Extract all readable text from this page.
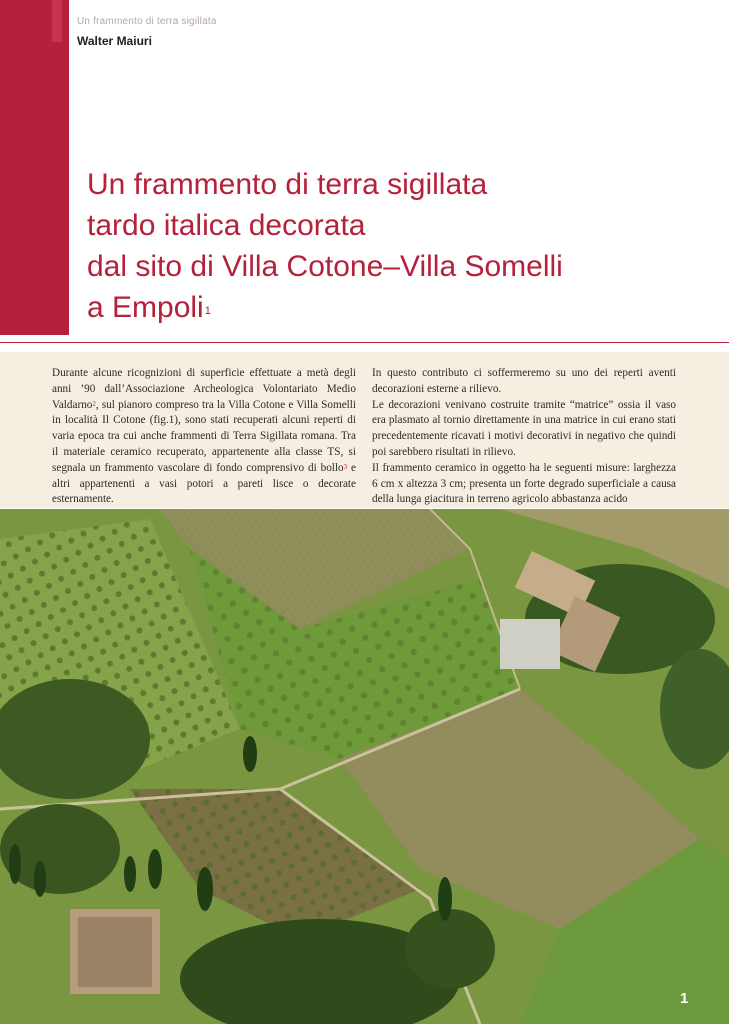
Un frammento di terra sigillata
Walter Maiuri
Un frammento di terra sigillata
tardo italica decorata
dal sito di Villa Cotone–Villa Somelli
a Empoli$^1$

Durante alcune ricognizioni di superficie effettuate a metà degli anni ’90 dall’Associazione Archeologica Volontariato Medio Valdarno$^2$, sul pianoro compreso tra la Villa Cotone e Villa Somelli in località Il Cotone (fig.1), sono stati recuperati alcuni reperti di varia epoca tra cui anche frammenti di Terra Sigillata romana. Tra il materiale ceramico recuperato, appartenente alla classe TS, si segnala un frammento vascolare di fondo comprensivo di bollo$^3$ e altri appartenenti a vasi potori a pareti lisce o decorate esternamente.

In questo contributo ci soffermeremo su uno dei reperti aventi decorazioni esterne a rilievo.

Le decorazioni venivano costruite tramite “matrice” ossia il vaso era plasmato al tornio direttamente in una matrice in cui erano stati precedentemente ricavati i motivi decorativi in negativo che quindi poi sarebbero risultati in rilievo.

Il frammento ceramico in oggetto ha le seguenti misure: larghezza 6 cm x altezza 3 cm; presenta un forte degrado superficiale a causa della lunga giacitura in terreno agricolo abbastanza acido

1
